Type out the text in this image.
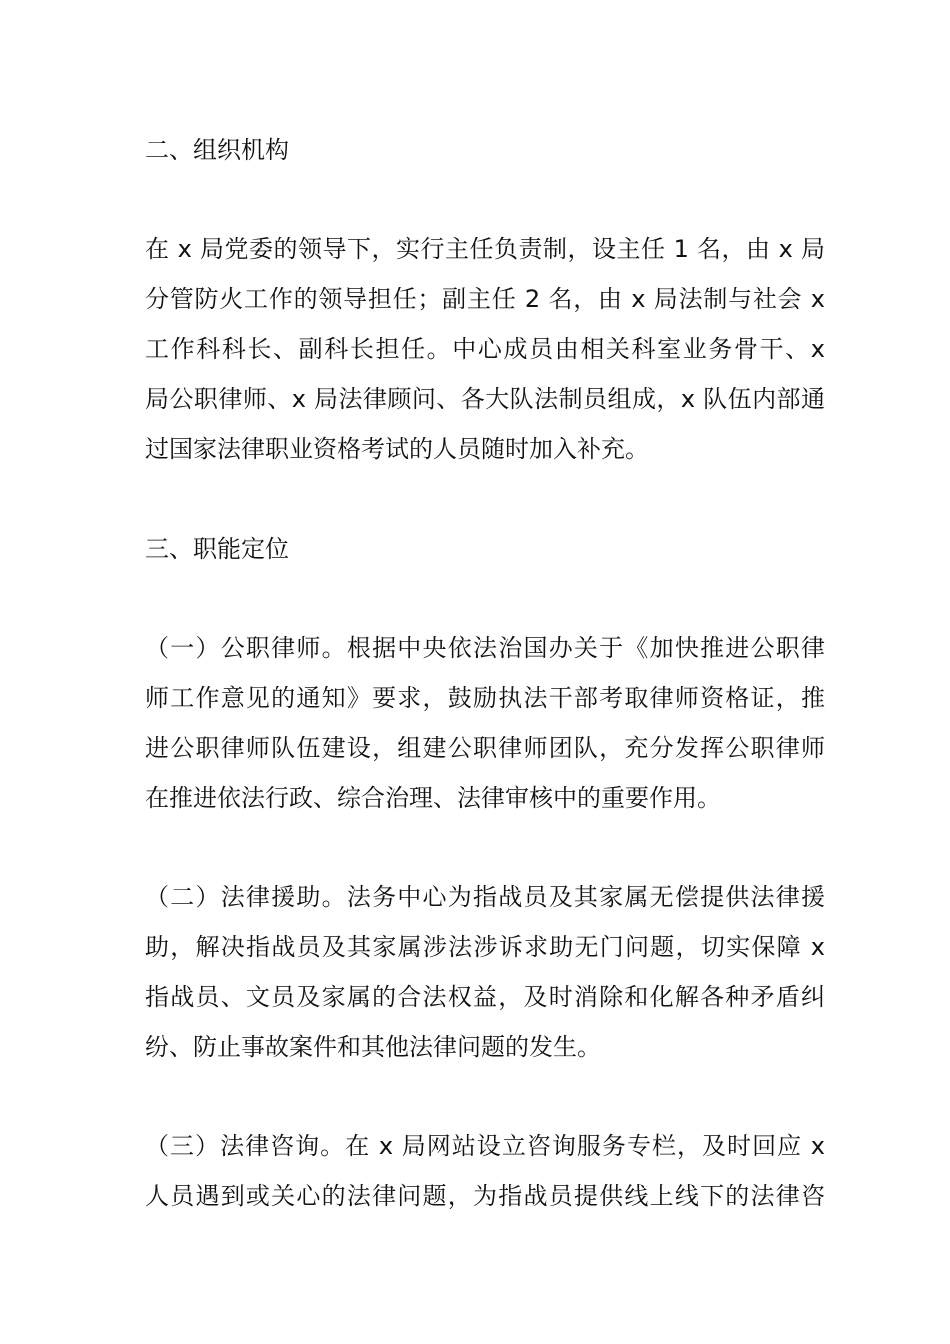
二、组织机构
在 x 局党委的领导下，实行主任负责制，设主任 1 名，由 x 局
分管防火工作的领导担任；副主任 2 名，由 x 局法制与社会 x
工作科科长、副科长担任。中心成员由相关科室业务骨干、x
局公职律师、x 局法律顾问、各大队法制员组成，x 队伍内部通
过国家法律职业资格考试的人员随时加入补充。
三、职能定位
（一）公职律师。根据中央依法治国办关于《加快推进公职律
师工作意见的通知》要求，鼓励执法干部考取律师资格证，推
进公职律师队伍建设，组建公职律师团队，充分发挥公职律师
在推进依法行政、综合治理、法律审核中的重要作用。
（二）法律援助。法务中心为指战员及其家属无偿提供法律援
助，解决指战员及其家属涉法涉诉求助无门问题，切实保障 x
指战员、文员及家属的合法权益，及时消除和化解各种矛盾纠
纷、防止事故案件和其他法律问题的发生。
（三）法律咨询。在 x 局网站设立咨询服务专栏，及时回应 x
人员遇到或关心的法律问题，为指战员提供线上线下的法律咨
